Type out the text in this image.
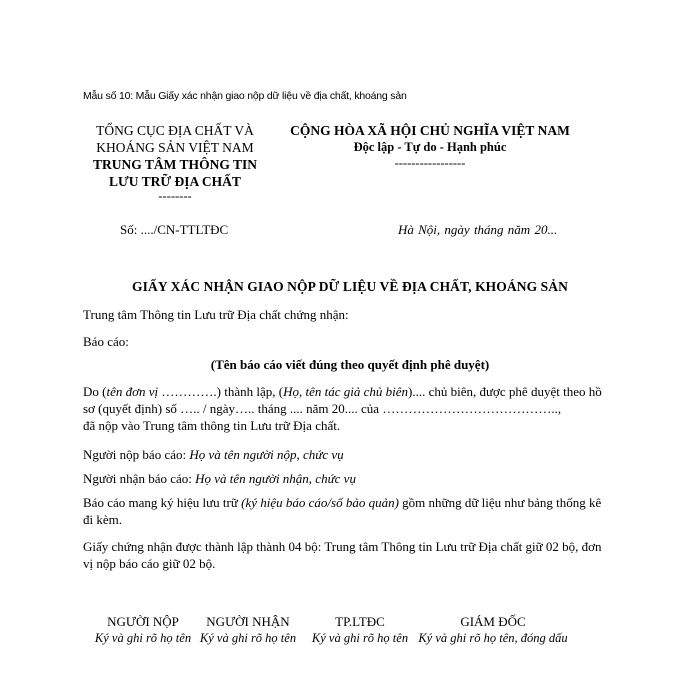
Mẫu số 10: Mẫu Giấy xác nhận giao nộp dữ liệu về địa chất, khoáng sản
TỔNG CỤC ĐỊA CHẤT VÀ
KHOÁNG SẢN VIỆT NAM
TRUNG TÂM THÔNG TIN
LƯU TRỮ ĐỊA CHẤT
--------
CỘNG HÒA XÃ HỘI CHỦ NGHĨA VIỆT NAM
Độc lập - Tự do - Hạnh phúc
-----------------
Số: ..../CN-TTLTĐC	Hà Nội, ngày tháng năm 20...
GIẤY XÁC NHẬN GIAO NỘP DỮ LIỆU VỀ ĐỊA CHẤT, KHOÁNG SẢN
Trung tâm Thông tin Lưu trữ Địa chất chứng nhận:
Báo cáo:
(Tên báo cáo viết đúng theo quyết định phê duyệt)
Do (tên đơn vị ………….) thành lập, (Họ, tên tác giả chủ biên).... chủ biên, được phê duyệt theo hồ sơ (quyết định) số ….. / ngày….. tháng .... năm 20.... của …………………………………..,
đã nộp vào Trung tâm thông tin Lưu trữ Địa chất.
Người nộp báo cáo: Họ và tên người nộp, chức vụ
Người nhận báo cáo: Họ và tên người nhận, chức vụ
Báo cáo mang ký hiệu lưu trữ (ký hiệu báo cáo/số bảo quản) gồm những dữ liệu như bảng thống kê đi kèm.
Giấy chứng nhận được thành lập thành 04 bộ: Trung tâm Thông tin Lưu trữ Địa chất giữ 02 bộ, đơn vị nộp báo cáo giữ 02 bộ.
NGƯỜI NỘP
Ký và ghi rõ họ tên
NGƯỜI NHẬN
Ký và ghi rõ họ tên
TP.LTĐC
Ký và ghi rõ họ tên
GIÁM ĐỐC
Ký và ghi rõ họ tên, đóng dấu
